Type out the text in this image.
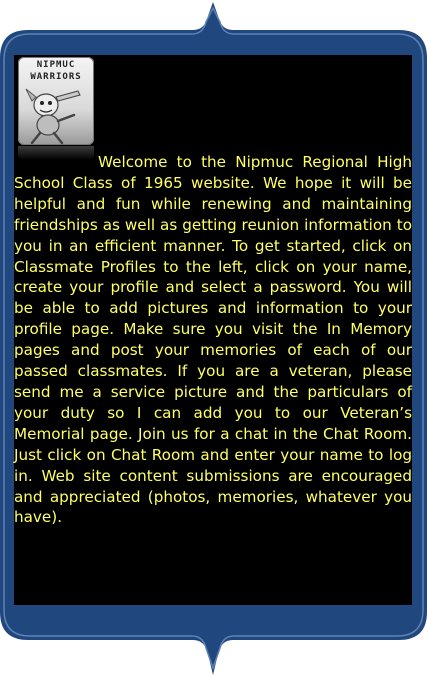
NIPMUC
WARRIORS

Welcome to the Nipmuc Regional High School Class of 1965 website. We hope it will be helpful and fun while renewing and maintaining friendships as well as getting reunion information to you in an efficient manner. To get started, click on Classmate Profiles to the left, click on your name, create your profile and select a password. You will be able to add pictures and information to your profile page. Make sure you visit the In Memory pages and post your memories of each of our passed classmates. If you are a veteran, please send me a service picture and the particulars of your duty so I can add you to our Veteran’s Memorial page. Join us for a chat in the Chat Room. Just click on Chat Room and enter your name to log in. Web site content submissions are encouraged and appreciated (photos, memories, whatever you have).
